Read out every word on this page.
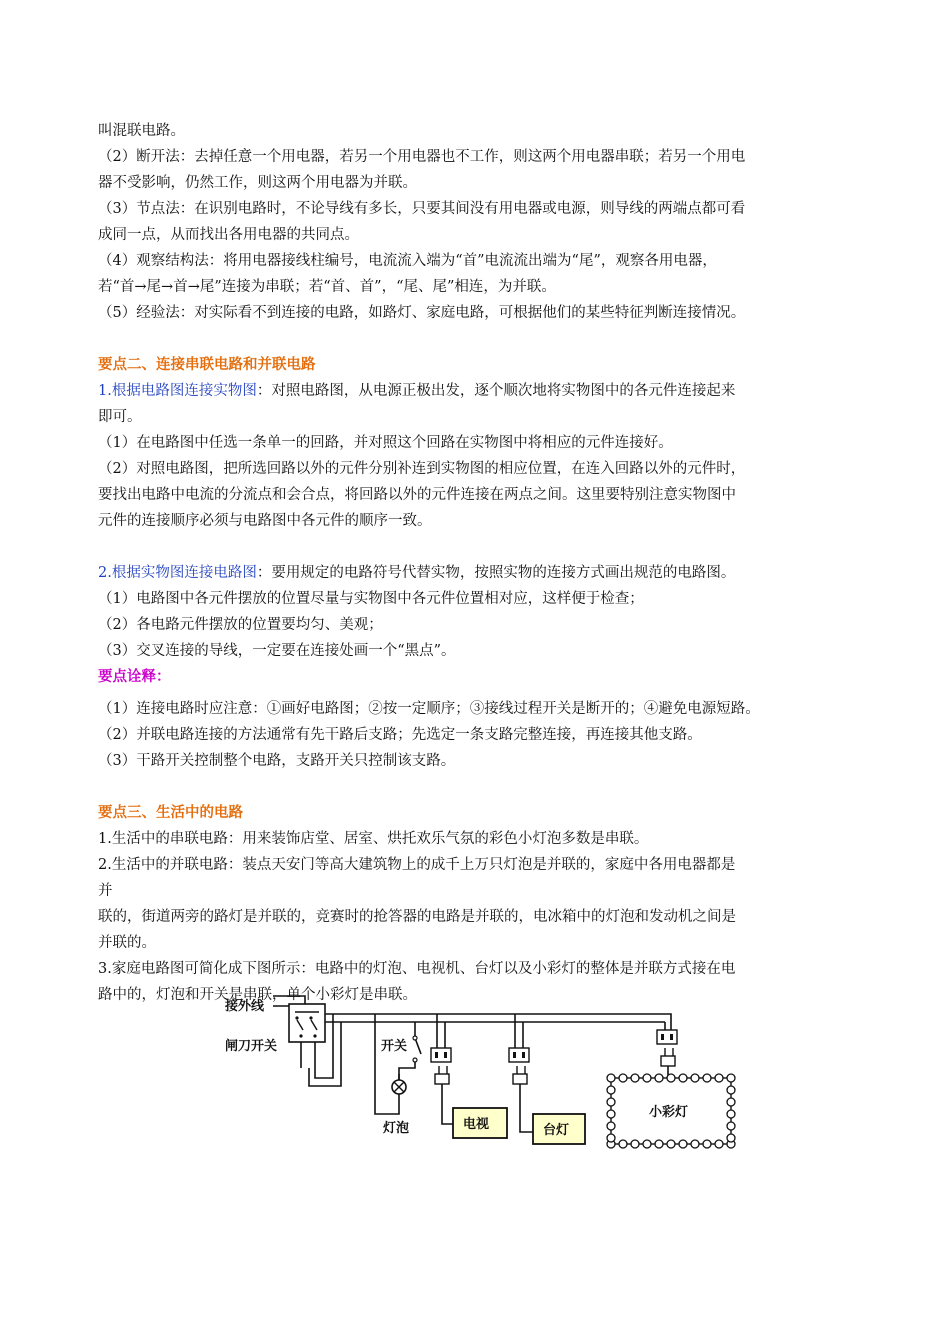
叫混联电路。

（2）断开法：去掉任意一个用电器，若另一个用电器也不工作，则这两个用电器串联；若另一个用电

器不受影响，仍然工作，则这两个用电器为并联。

（3）节点法：在识别电路时，不论导线有多长，只要其间没有用电器或电源，则导线的两端点都可看

成同一点，从而找出各用电器的共同点。

（4）观察结构法：将用电器接线柱编号，电流流入端为“首”电流流出端为“尾”，观察各用电器，

若“首→尾→首→尾”连接为串联；若“首、首”，“尾、尾”相连，为并联。

（5）经验法：对实际看不到连接的电路，如路灯、家庭电路，可根据他们的某些特征判断连接情况。

要点二、连接串联电路和并联电路

1.根据电路图连接实物图：对照电路图，从电源正极出发，逐个顺次地将实物图中的各元件连接起来

即可。

（1）在电路图中任选一条单一的回路，并对照这个回路在实物图中将相应的元件连接好。

（2）对照电路图，把所选回路以外的元件分别补连到实物图的相应位置，在连入回路以外的元件时，

要找出电路中电流的分流点和会合点，将回路以外的元件连接在两点之间。这里要特别注意实物图中

元件的连接顺序必须与电路图中各元件的顺序一致。

2.根据实物图连接电路图：要用规定的电路符号代替实物，按照实物的连接方式画出规范的电路图。

（1）电路图中各元件摆放的位置尽量与实物图中各元件位置相对应，这样便于检查；

（2）各电路元件摆放的位置要均匀、美观；

（3）交叉连接的导线，一定要在连接处画一个“黑点”。

要点诠释：

（1）连接电路时应注意：①画好电路图；②按一定顺序；③接线过程开关是断开的；④避免电源短路。

（2）并联电路连接的方法通常有先干路后支路；先选定一条支路完整连接，再连接其他支路。

（3）干路开关控制整个电路，支路开关只控制该支路。

要点三、生活中的电路

1.生活中的串联电路：用来装饰店堂、居室、烘托欢乐气氛的彩色小灯泡多数是串联。

2.生活中的并联电路：装点天安门等高大建筑物上的成千上万只灯泡是并联的，家庭中各用电器都是

并

联的，街道两旁的路灯是并联的，竞赛时的抢答器的电路是并联的，电冰箱中的灯泡和发动机之间是

并联的。

3.家庭电路图可简化成下图所示：电路中的灯泡、电视机、台灯以及小彩灯的整体是并联方式接在电

路中的，灯泡和开关是串联，单个小彩灯是串联。

接外线
闸刀开关	开关
灯泡	电视	台灯
小彩灯
